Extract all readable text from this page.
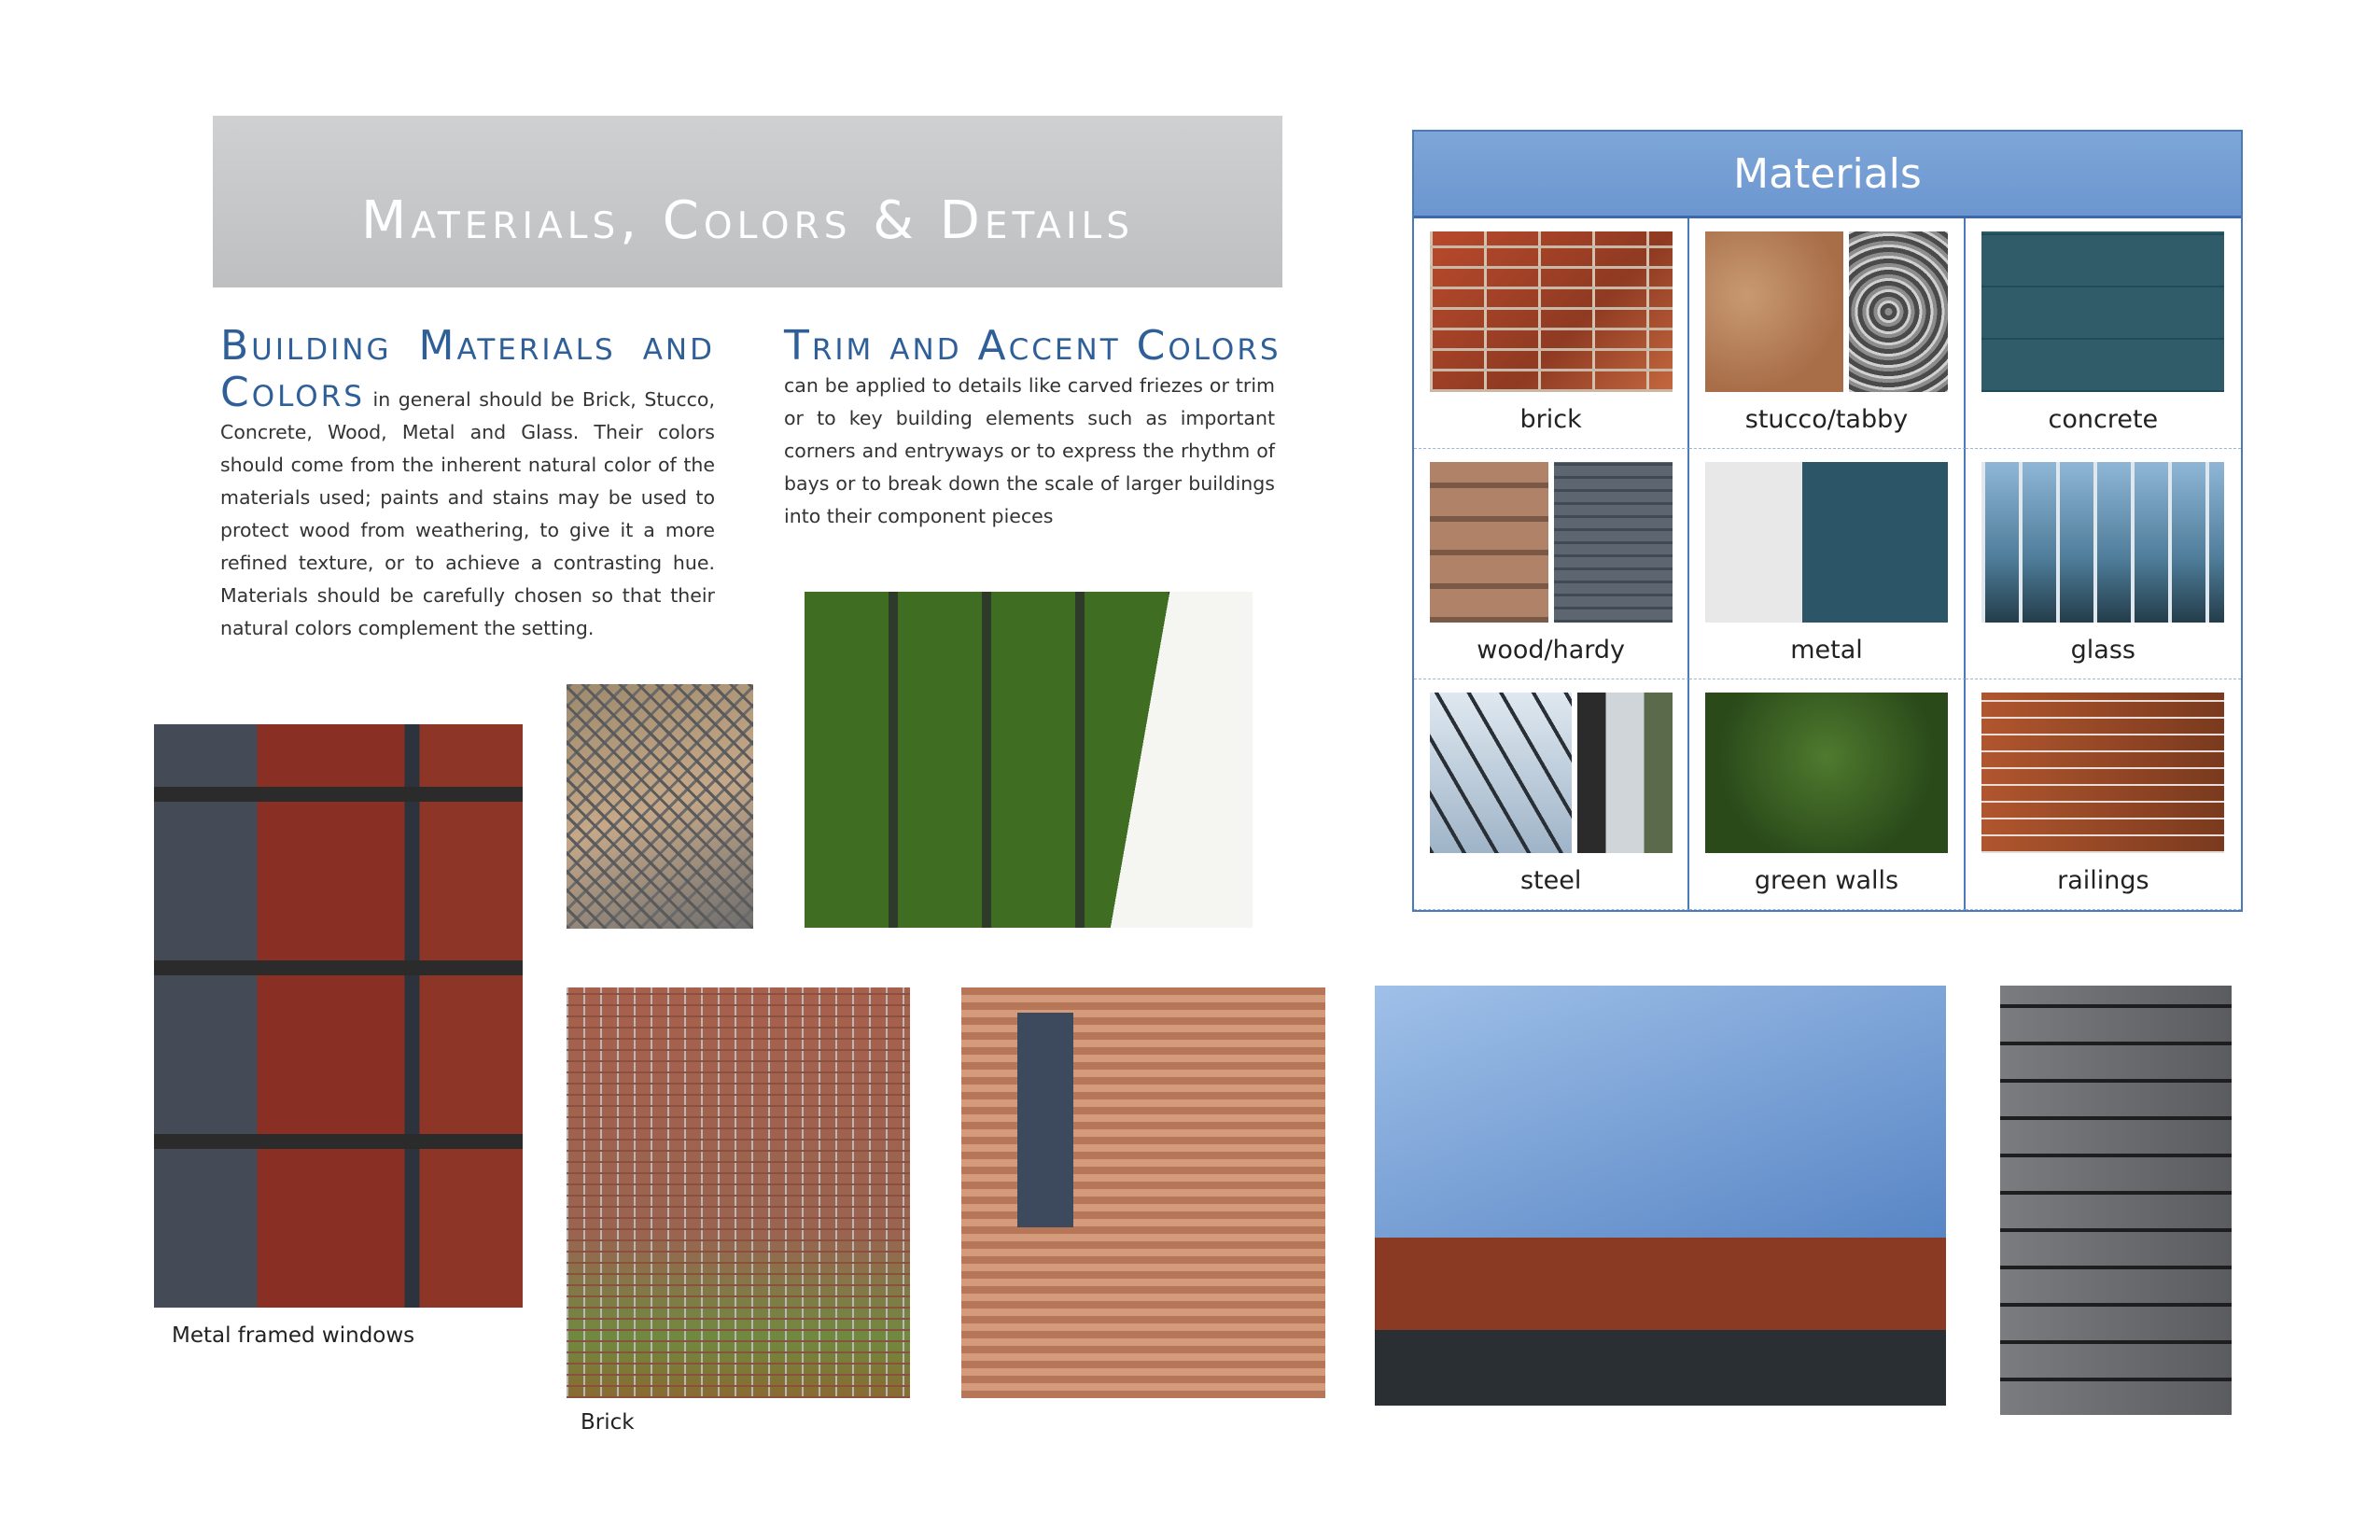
Materials, Colors & Details
Building Materials and Colors in general should be Brick, Stucco, Concrete, Wood, Metal and Glass. Their colors should come from the inherent natural color of the materials used; paints and stains may be used to protect wood from weathering, to give it a more refined texture, or to achieve a contrasting hue. Materials should be carefully chosen so that their natural colors complement the setting.
Trim and Accent Colors
can be applied to details like carved friezes or trim or to key building elements such as important corners and entryways or to express the rhythm of bays or to break down the scale of larger buildings into their component pieces
Materials
brick	stucco/tabby	concrete
wood/hardy	metal	glass
steel	green walls	railings
Metal framed windows
Brick
